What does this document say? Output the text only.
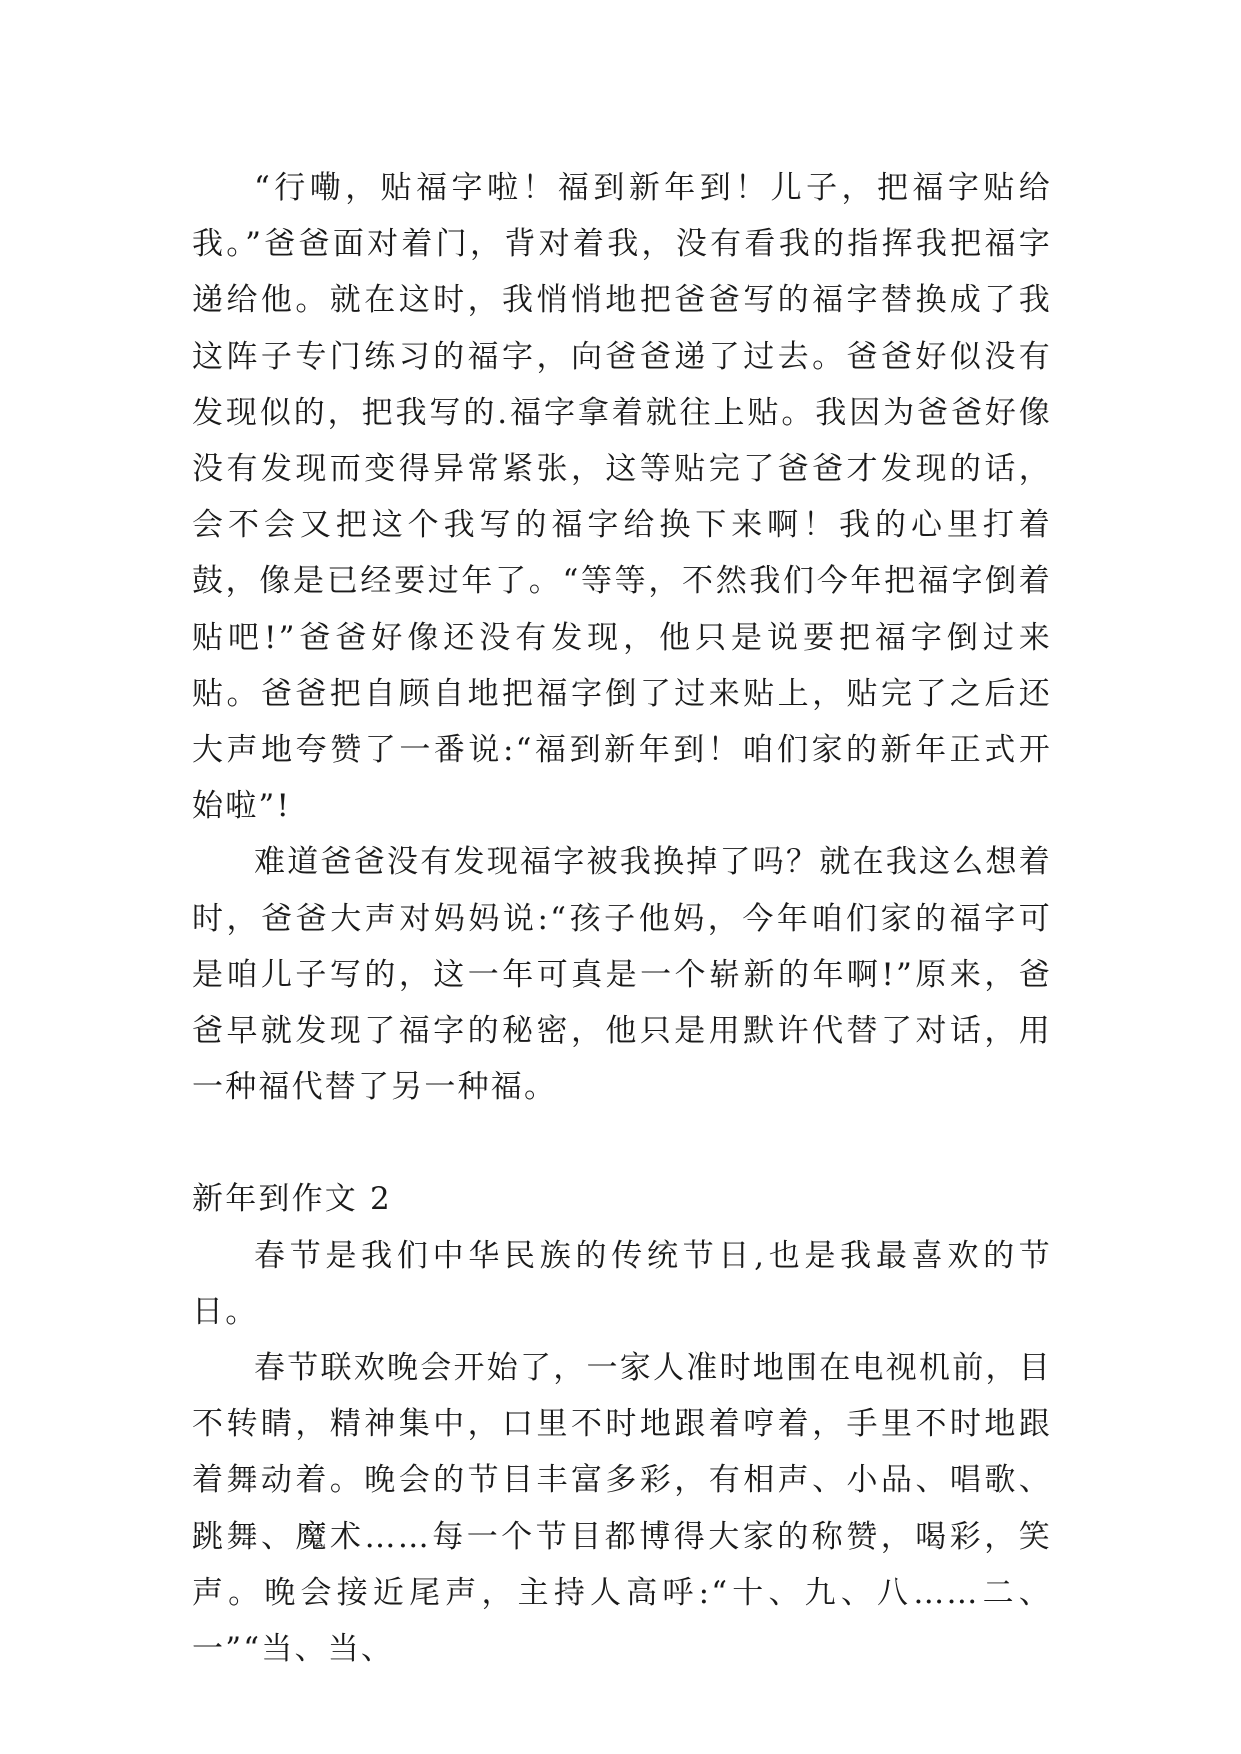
“行嘞，贴福字啦！福到新年到！儿子，把福字贴给我。”爸爸面对着门，背对着我，没有看我的指挥我把福字递给他。就在这时，我悄悄地把爸爸写的福字替换成了我这阵子专门练习的福字，向爸爸递了过去。爸爸好似没有发现似的，把我写的.福字拿着就往上贴。我因为爸爸好像没有发现而变得异常紧张，这等贴完了爸爸才发现的话，会不会又把这个我写的福字给换下来啊！我的心里打着鼓，像是已经要过年了。“等等，不然我们今年把福字倒着贴吧!”爸爸好像还没有发现，他只是说要把福字倒过来贴。爸爸把自顾自地把福字倒了过来贴上，贴完了之后还大声地夸赞了一番说:“福到新年到！咱们家的新年正式开始啦”!

难道爸爸没有发现福字被我换掉了吗？就在我这么想着时，爸爸大声对妈妈说:“孩子他妈，今年咱们家的福字可是咱儿子写的，这一年可真是一个崭新的年啊!”原来，爸爸早就发现了福字的秘密，他只是用默许代替了对话，用一种福代替了另一种福。

新年到作文 2

春节是我们中华民族的传统节日,也是我最喜欢的节日。

春节联欢晚会开始了，一家人准时地围在电视机前，目不转睛，精神集中，口里不时地跟着哼着，手里不时地跟着舞动着。晚会的节目丰富多彩，有相声、小品、唱歌、跳舞、魔术……每一个节目都博得大家的称赞，喝彩，笑声。晚会接近尾声，主持人高呼:“十、九、八……二、一”“当、当、
